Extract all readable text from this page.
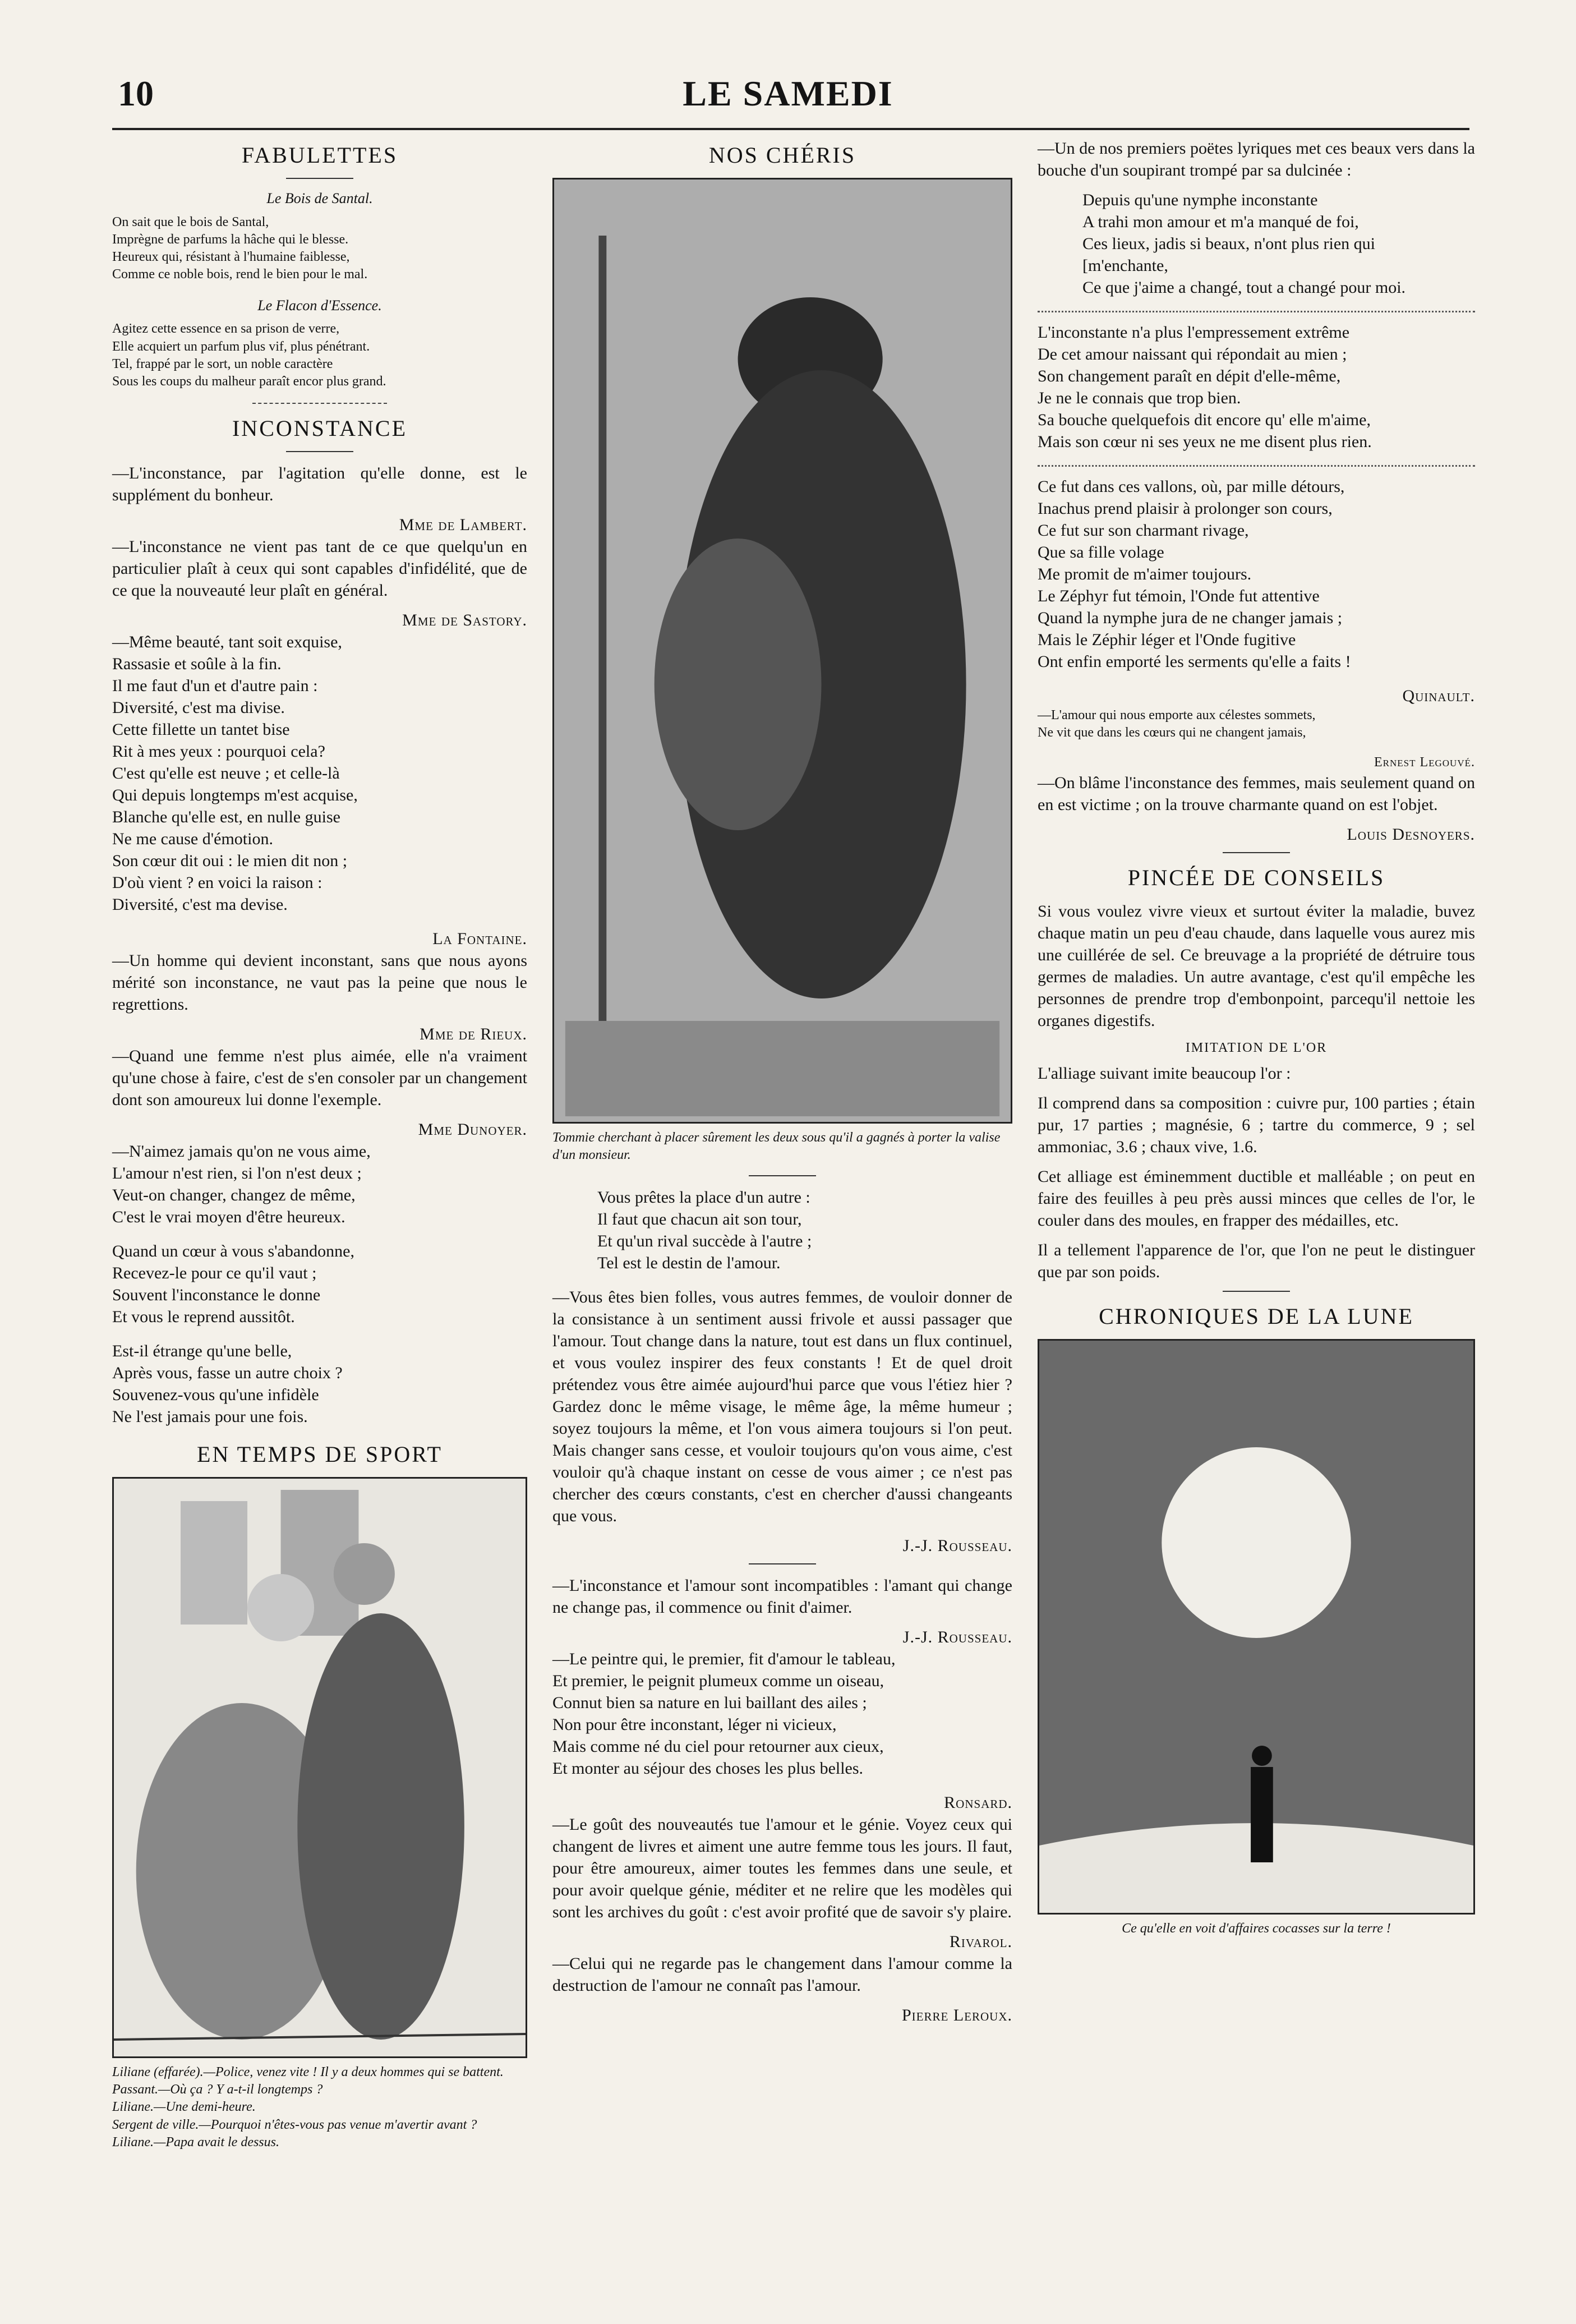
10	LE SAMEDI
FABULETTES
Le Bois de Santal.
On sait que le bois de Santal,
Imprègne de parfums la hâche qui le blesse.
Heureux qui, résistant à l'humaine faiblesse,
Comme ce noble bois, rend le bien pour le mal.
Le Flacon d'Essence.
Agitez cette essence en sa prison de verre,
Elle acquiert un parfum plus vif, plus pénétrant.
Tel, frappé par le sort, un noble caractère
Sous les coups du malheur paraît encor plus grand.
INCONSTANCE

—L'inconstance, par l'agitation qu'elle donne, est le supplément du bonheur.

Mme de Lambert.

—L'inconstance ne vient pas tant de ce que quelqu'un en particulier plaît à ceux qui sont capables d'infidélité, que de ce que la nouveauté leur plaît en général.

Mme de Sastory.
—Même beauté, tant soit exquise,
Rassasie et soûle à la fin.
Il me faut d'un et d'autre pain :
Diversité, c'est ma divise.
Cette fillette un tantet bise
Rit à mes yeux : pourquoi cela?
C'est qu'elle est neuve ; et celle-là
Qui depuis longtemps m'est acquise,
Blanche qu'elle est, en nulle guise
Ne me cause d'émotion.
Son cœur dit oui : le mien dit non ;
D'où vient ? en voici la raison :
Diversité, c'est ma devise.
La Fontaine.

—Un homme qui devient inconstant, sans que nous ayons mérité son inconstance, ne vaut pas la peine que nous le regrettions.

Mme de Rieux.

—Quand une femme n'est plus aimée, elle n'a vraiment qu'une chose à faire, c'est de s'en consoler par un changement dont son amoureux lui donne l'exemple.

Mme Dunoyer.
—N'aimez jamais qu'on ne vous aime,
L'amour n'est rien, si l'on n'est deux ;
Veut-on changer, changez de même,
C'est le vrai moyen d'être heureux.
Quand un cœur à vous s'abandonne,
Recevez-le pour ce qu'il vaut ;
Souvent l'inconstance le donne
Et vous le reprend aussitôt.
Est-il étrange qu'une belle,
Après vous, fasse un autre choix ?
Souvenez-vous qu'une infidèle
Ne l'est jamais pour une fois.
EN TEMPS DE SPORT
Liliane (effarée).—Police, venez vite ! Il y a deux hommes qui se battent.
Passant.—Où ça ? Y a-t-il longtemps ?
Liliane.—Une demi-heure.
Sergent de ville.—Pourquoi n'êtes-vous pas venue m'avertir avant ?
Liliane.—Papa avait le dessus.
NOS CHÉRIS
Tommie cherchant à placer sûrement les deux sous qu'il a gagnés à porter la valise d'un monsieur.
Vous prêtes la place d'un autre :
Il faut que chacun ait son tour,
Et qu'un rival succède à l'autre ;
Tel est le destin de l'amour.

—Vous êtes bien folles, vous autres femmes, de vouloir donner de la consistance à un sentiment aussi frivole et aussi passager que l'amour. Tout change dans la nature, tout est dans un flux continuel, et vous voulez inspirer des feux constants ! Et de quel droit prétendez vous être aimée aujourd'hui parce que vous l'étiez hier ? Gardez donc le même visage, le même âge, la même humeur ; soyez toujours la même, et l'on vous aimera toujours si l'on peut. Mais changer sans cesse, et vouloir toujours qu'on vous aime, c'est vouloir qu'à chaque instant on cesse de vous aimer ; ce n'est pas chercher des cœurs constants, c'est en chercher d'aussi changeants que vous.

J.-J. Rousseau.

—L'inconstance et l'amour sont incompatibles : l'amant qui change ne change pas, il commence ou finit d'aimer.

J.-J. Rousseau.
—Le peintre qui, le premier, fit d'amour le tableau,
Et premier, le peignit plumeux comme un oiseau,
Connut bien sa nature en lui baillant des ailes ;
Non pour être inconstant, léger ni vicieux,
Mais comme né du ciel pour retourner aux cieux,
Et monter au séjour des choses les plus belles.
Ronsard.

—Le goût des nouveautés tue l'amour et le génie. Voyez ceux qui changent de livres et aiment une autre femme tous les jours. Il faut, pour être amoureux, aimer toutes les femmes dans une seule, et pour avoir quelque génie, méditer et ne relire que les modèles qui sont les archives du goût : c'est avoir profité que de savoir s'y plaire.

Rivarol.

—Celui qui ne regarde pas le changement dans l'amour comme la destruction de l'amour ne connaît pas l'amour.

Pierre Leroux.

—Un de nos premiers poëtes lyriques met ces beaux vers dans la bouche d'un soupirant trompé par sa dulcinée :

Depuis qu'une nymphe inconstante
A trahi mon amour et m'a manqué de foi,
Ces lieux, jadis si beaux, n'ont plus rien qui
[m'enchante,
Ce que j'aime a changé, tout a changé pour moi.
L'inconstante n'a plus l'empressement extrême
De cet amour naissant qui répondait au mien ;
Son changement paraît en dépit d'elle-même,
Je ne le connais que trop bien.
Sa bouche quelquefois dit encore qu' elle m'aime,
Mais son cœur ni ses yeux ne me disent plus rien.
Ce fut dans ces vallons, où, par mille détours,
Inachus prend plaisir à prolonger son cours,
Ce fut sur son charmant rivage,
Que sa fille volage
Me promit de m'aimer toujours.
Le Zéphyr fut témoin, l'Onde fut attentive
Quand la nymphe jura de ne changer jamais ;
Mais le Zéphir léger et l'Onde fugitive
Ont enfin emporté les serments qu'elle a faits !
Quinault.
—L'amour qui nous emporte aux célestes sommets,
Ne vit que dans les cœurs qui ne changent jamais,
Ernest Legouvé.

—On blâme l'inconstance des femmes, mais seulement quand on en est victime ; on la trouve charmante quand on est l'objet.

Louis Desnoyers.
PINCÉE DE CONSEILS

Si vous voulez vivre vieux et surtout éviter la maladie, buvez chaque matin un peu d'eau chaude, dans laquelle vous aurez mis une cuillérée de sel. Ce breuvage a la propriété de détruire tous germes de maladies. Un autre avantage, c'est qu'il empêche les personnes de prendre trop d'embonpoint, parcequ'il nettoie les organes digestifs.

IMITATION DE L'OR

L'alliage suivant imite beaucoup l'or :

Il comprend dans sa composition : cuivre pur, 100 parties ; étain pur, 17 parties ; magnésie, 6 ; tartre du commerce, 9 ; sel ammoniac, 3.6 ; chaux vive, 1.6.

Cet alliage est éminemment ductible et malléable ; on peut en faire des feuilles à peu près aussi minces que celles de l'or, le couler dans des moules, en frapper des médailles, etc.

Il a tellement l'apparence de l'or, que l'on ne peut le distinguer que par son poids.

CHRONIQUES DE LA LUNE
Ce qu'elle en voit d'affaires cocasses sur la terre !
